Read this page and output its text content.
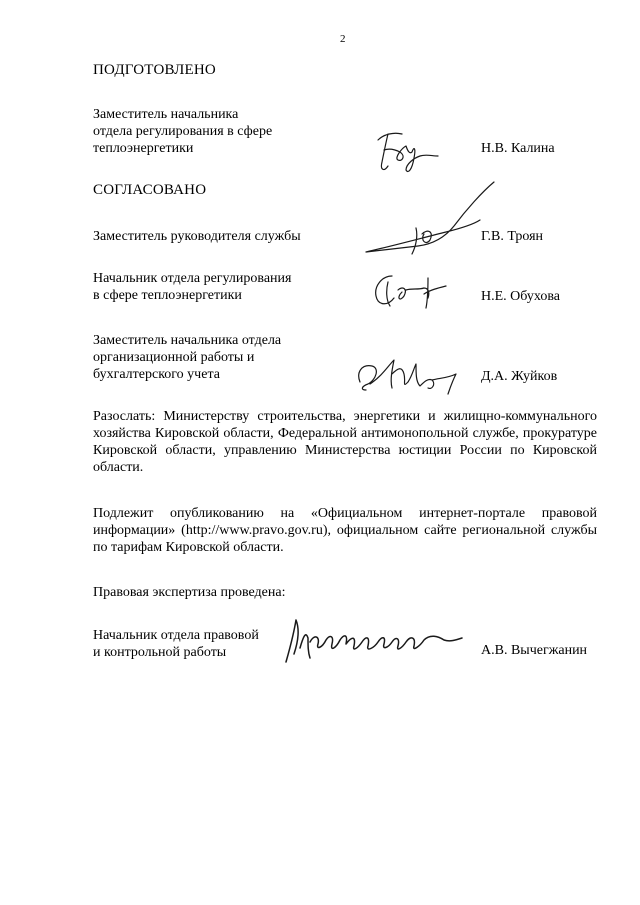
2
ПОДГОТОВЛЕНО
Заместитель начальника
отдела регулирования в сфере
теплоэнергетики	Н.В. Калина
СОГЛАСОВАНО
Заместитель руководителя службы	Г.В. Троян
Начальник отдела регулирования
в сфере теплоэнергетики	Н.Е. Обухова
Заместитель начальника отдела
организационной работы и
бухгалтерского учета	Д.А. Жуйков
Разослать: Министерству строительства, энергетики и жилищно-коммунального хозяйства Кировской области, Федеральной антимонопольной службе, прокуратуре Кировской области, управлению Министерства юстиции России по Кировской области.
Подлежит опубликованию на «Официальном интернет-портале правовой информации» (http://www.pravo.gov.ru), официальном сайте региональной службы по тарифам Кировской области.
Правовая экспертиза проведена:
Начальник отдела правовой
и контрольной работы	А.В. Вычегжанин
